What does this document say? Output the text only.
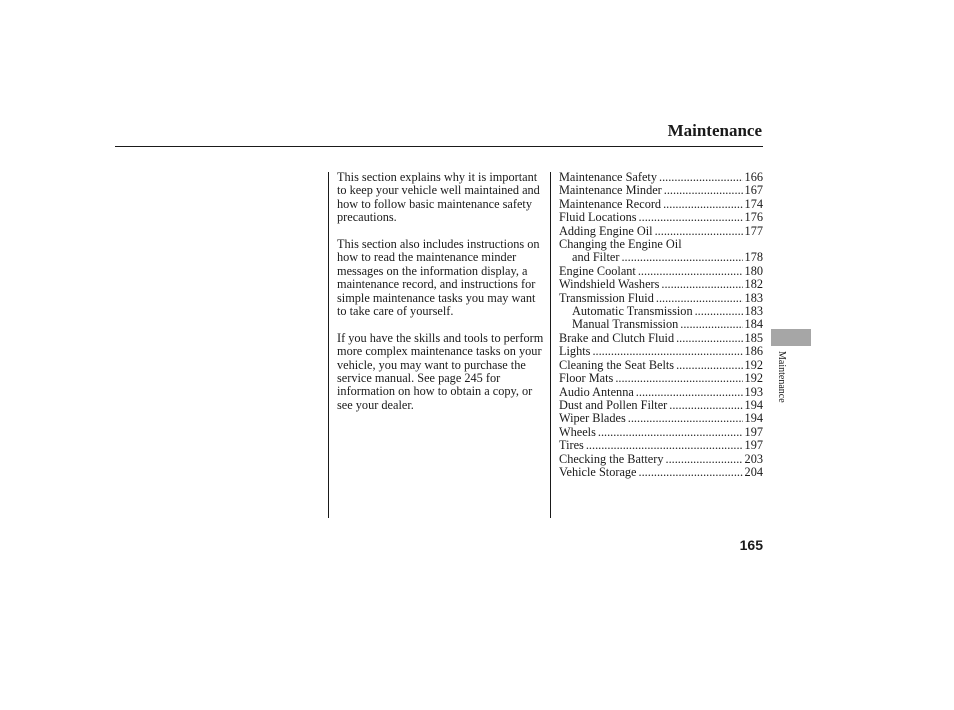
Maintenance

This section explains why it is important to keep your vehicle well maintained and how to follow basic maintenance safety precautions.

This section also includes instructions on how to read the maintenance minder messages on the information display, a maintenance record, and instructions for simple maintenance tasks you may want to take care of yourself.

If you have the skills and tools to perform more complex maintenance tasks on your vehicle, you may want to purchase the service manual. See page 245 for information on how to obtain a copy, or see your dealer.

Maintenance Safety .....	166
Maintenance Minder .....	167
Maintenance Record .....	174
Fluid Locations .....	176
Adding Engine Oil .....	177
Changing the Engine Oil
and Filter .....	178
Engine Coolant .....	180
Windshield Washers .....	182
Transmission Fluid .....	183
Automatic Transmission .....	183
Manual Transmission .....	184
Brake and Clutch Fluid .....	185
Lights .....	186
Cleaning the Seat Belts .....	192
Floor Mats .....	192
Audio Antenna .....	193
Dust and Pollen Filter .....	194
Wiper Blades .....	194
Wheels .....	197
Tires .....	197
Checking the Battery .....	203
Vehicle Storage .....	204
Maintenance
165
